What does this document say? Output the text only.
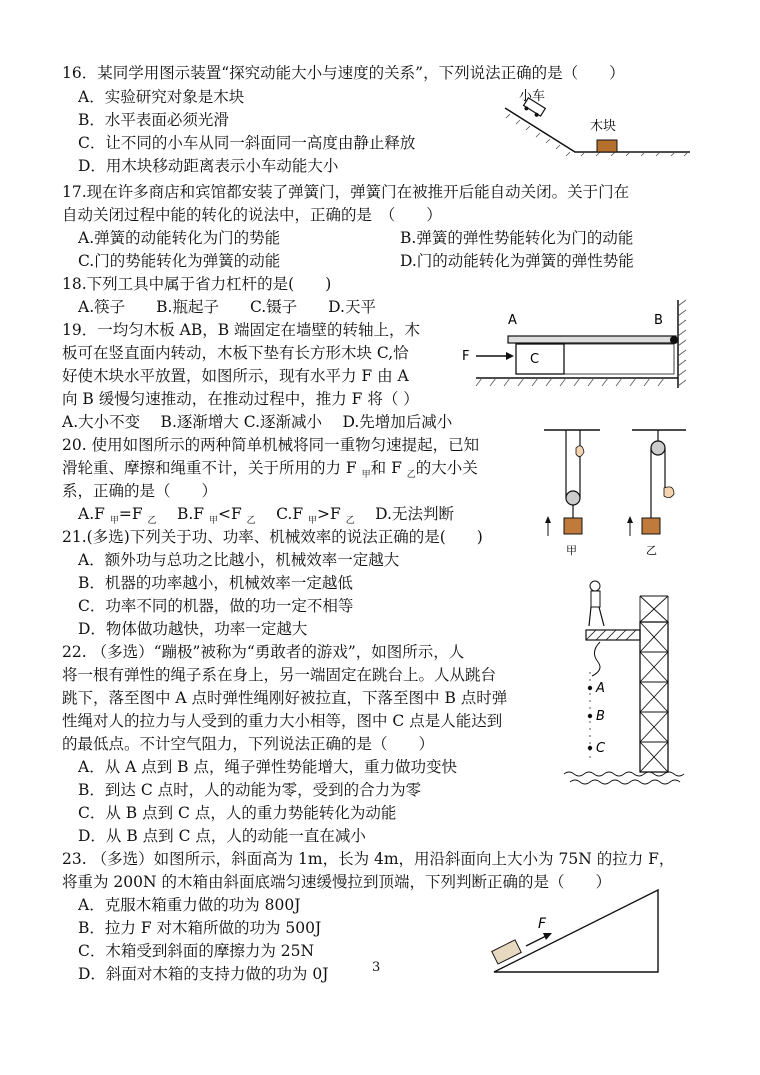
16．某同学用图示装置“探究动能大小与速度的关系”，下列说法正确的是（　　）
A．实验研究对象是木块
B．水平表面必须光滑
C．让不同的小车从同一斜面同一高度由静止释放
D．用木块移动距离表示小车动能大小
小车
木块
17.现在许多商店和宾馆都安装了弹簧门，弹簧门在被推开后能自动关闭。关于门在
自动关闭过程中能的转化的说法中，正确的是　（　　）
A.弹簧的动能转化为门的势能	B.弹簧的弹性势能转化为门的动能
C.门的势能转化为弹簧的动能	D.门的动能转化为弹簧的弹性势能
18.下列工具中属于省力杠杆的是(　　)
A.筷子　　B.瓶起子　　C.镊子　　D.天平
19．一均匀木板 AB，B 端固定在墙壁的转轴上，木
板可在竖直面内转动，木板下垫有长方形木块 C,恰
好使木块水平放置，如图所示，现有水平力 F 由 A
向 B 缓慢匀速推动，在推动过程中，推力 F 将（ ）
A.大小不变　 B.逐渐增大 C.逐渐减小　 D.先增加后减小
A	B
C
F
20. 使用如图所示的两种简单机械将同一重物匀速提起，已知
滑轮重、摩擦和绳重不计，关于所用的力 F $_甲$和 F $_乙$的大小关
系，正确的是（　　）
A.F $_甲$=F $_乙$　 B.F $_甲$<F $_乙$　 C.F $_甲$>F $_乙$　 D.无法判断
甲	乙
21.(多选)下列关于功、功率、机械效率的说法正确的是(　　)
A．额外功与总功之比越小，机械效率一定越大
B．机器的功率越小，机械效率一定越低
C．功率不同的机器，做的功一定不相等
D．物体做功越快，功率一定越大
22. （多选）“蹦极”被称为“勇敢者的游戏”，如图所示，人
将一根有弹性的绳子系在身上，另一端固定在跳台上。人从跳台
跳下，落至图中 A 点时弹性绳刚好被拉直，下落至图中 B 点时弹
性绳对人的拉力与人受到的重力大小相等，图中 C 点是人能达到
的最低点。不计空气阻力，下列说法正确的是（　　）
A．从 A 点到 B 点，绳子弹性势能增大，重力做功变快
B．到达 C 点时，人的动能为零，受到的合力为零
C．从 B 点到 C 点，人的重力势能转化为动能
D．从 B 点到 C 点，人的动能一直在减小
A
B
C
23. （多选）如图所示，斜面高为 1m，长为 4m，用沿斜面向上大小为 75N 的拉力 F，
将重为 200N 的木箱由斜面底端匀速缓慢拉到顶端，下列判断正确的是（　　）
A．克服木箱重力做的功为 800J
B．拉力 F 对木箱所做的功为 500J
C．木箱受到斜面的摩擦力为 25N
D．斜面对木箱的支持力做的功为 0J
F
3
